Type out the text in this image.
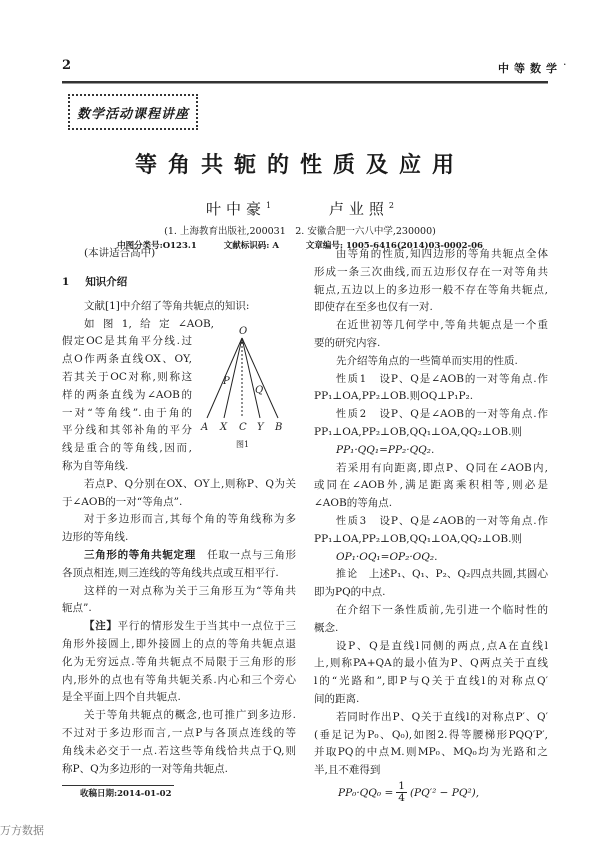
2	中等数学 ·
数学活动课程讲座
等角共轭的性质及应用
叶中豪$^1$	卢业照$^2$
(1. 上海教育出版社,200031　2. 安徽合肥一六八中学,230000)
中图分类号:O123.1	文献标识码: A	文章编号: 1005-6416(2014)03-0002-06
(本讲适合高中)
1 知识介绍
文献[1]中介绍了等角共轭点的知识:
如图1,给定∠AOB,
假定OC是其角平分线.过
点O作两条直线OX、OY,
若其关于OC对称,则称这
样的两条直线为∠AOB的
一对“等角线”.由于角的
平分线和其邻补角的平分
线是重合的等角线,因而,
称为自等角线.
若点P、Q分别在OX、OY上,则称P、Q为关
于∠AOB的一对“等角点”.
对于多边形而言,其每个角的等角线称为多
边形的等角线.
三角形的等角共轭定理　任取一点与三角形
各顶点相连,则三连线的等角线共点或互相平行.
这样的一对点称为关于三角形互为“等角共
轭点”.
【注】平行的情形发生于当其中一点位于三
角形外接圆上,即外接圆上的点的等角共轭点退
化为无穷远点.等角共轭点不局限于三角形的形
内,形外的点也有等角共轭关系.内心和三个旁心
是全平面上四个自共轭点.
关于等角共轭点的概念,也可推广到多边形.
不过对于多边形而言,一点P与各顶点连线的等
角线未必交于一点.若这些等角线恰共点于Q,则
称P、Q为多边形的一对等角共轭点.
O
A X C Y B
P
Q
图1
由等角的性质,知四边形的等角共轭点全体
形成一条三次曲线,而五边形仅存在一对等角共
轭点,五边以上的多边形一般不存在等角共轭点,
即使存在至多也仅有一对.
在近世初等几何学中,等角共轭点是一个重
要的研究内容.
先介绍等角点的一些简单而实用的性质.
性质1　设P、Q是∠AOB的一对等角点.作
PP₁⊥OA,PP₂⊥OB.则OQ⊥P₁P₂.
性质2　设P、Q是∠AOB的一对等角点.作
PP₁⊥OA,PP₂⊥OB,QQ₁⊥OA,QQ₂⊥OB.则
PP₁·QQ₁=PP₂·QQ₂.
若采用有向距离,即点P、Q同在∠AOB内,
或同在∠AOB外,满足距离乘积相等,则必是
∠AOB的等角点.
性质3　设P、Q是∠AOB的一对等角点.作
PP₁⊥OA,PP₂⊥OB,QQ₁⊥OA,QQ₂⊥OB.则
OP₁·OQ₁=OP₂·OQ₂.
推论　上述P₁、Q₁、P₂、Q₂四点共圆,其圆心
即为PQ的中点.
在介绍下一条性质前,先引进一个临时性的
概念.
设P、Q是直线l同侧的两点,点A在直线l
上,则称PA+QA的最小值为P、Q两点关于直线
l的“光路和”,即P与Q关于直线l的对称点Q′
间的距离.
若同时作出P、Q关于直线l的对称点P′、Q′
(垂足记为P₀、Q₀),如图2.得等腰梯形PQQ′P′,
并取PQ的中点M.则MP₀、MQ₀均为光路和之
半,且不难得到
$PP_0\cdot QQ_0 = \frac{1}{4} (PQ'^2 - PQ^2)$,
收稿日期:2014-01-02
万方数据
